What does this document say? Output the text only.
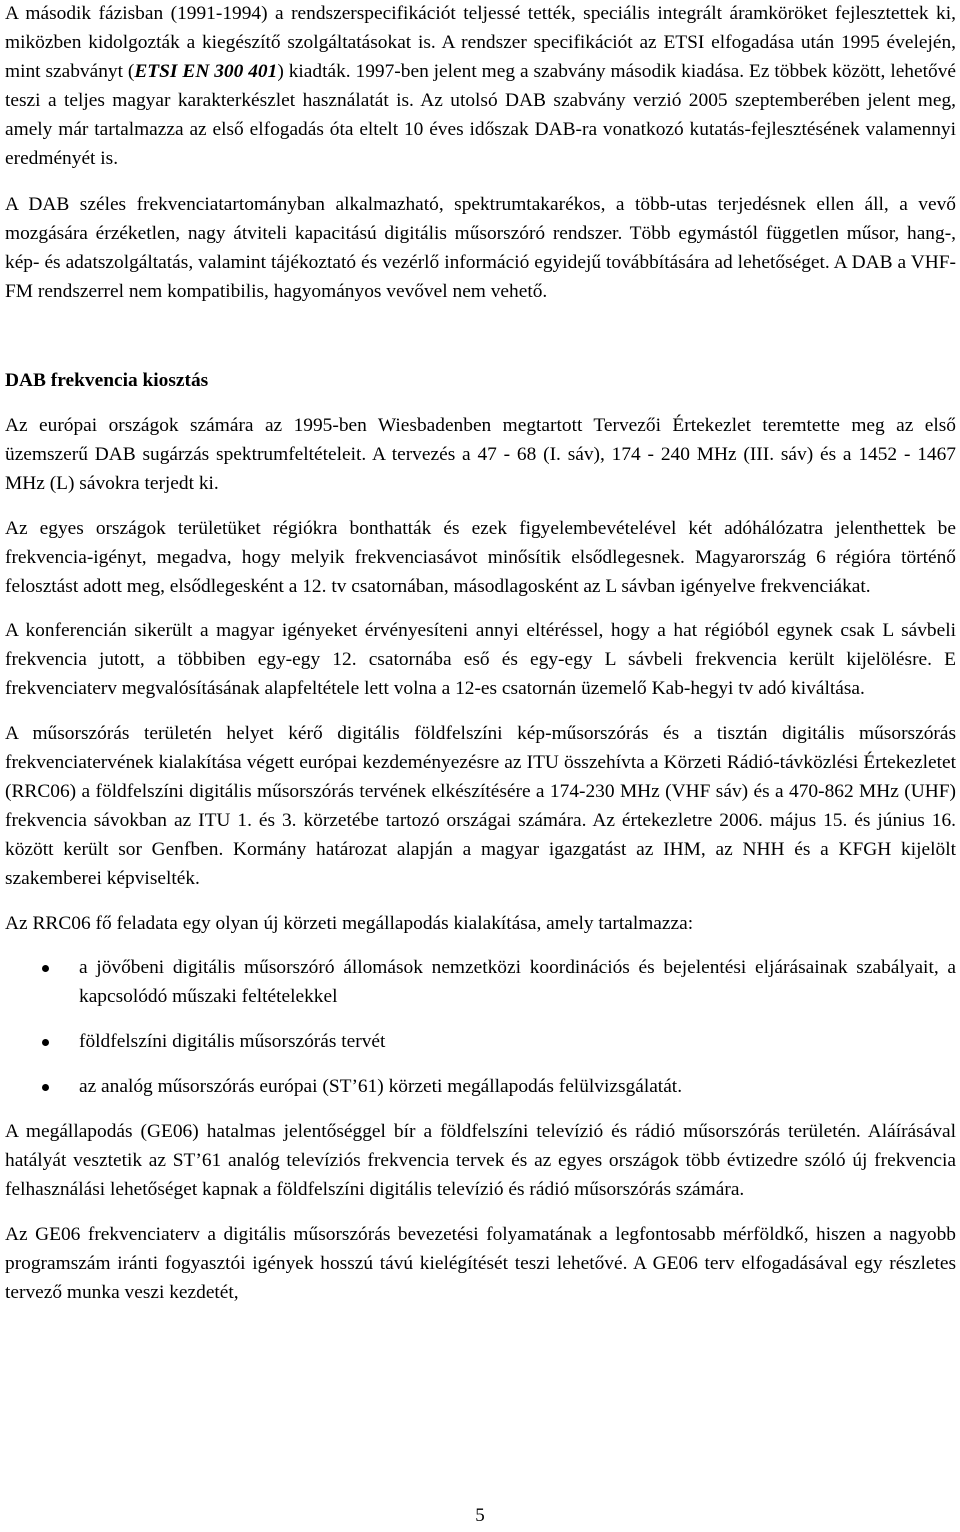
A második fázisban (1991-1994) a rendszerspecifikációt teljessé tették, speciális integrált áramköröket fejlesztettek ki, miközben kidolgozták a kiegészítő szolgáltatásokat is. A rendszer specifikációt az ETSI elfogadása után 1995 évelején, mint szabványt (ETSI EN 300 401) kiadták. 1997-ben jelent meg a szabvány második kiadása. Ez többek között, lehetővé teszi a teljes magyar karakterkészlet használatát is. Az utolsó DAB szabvány verzió 2005 szeptemberében jelent meg, amely már tartalmazza az első elfogadás óta eltelt 10 éves időszak DAB-ra vonatkozó kutatás-fejlesztésének valamennyi eredményét is.

A DAB széles frekvenciatartományban alkalmazható, spektrumtakarékos, a több-utas terjedésnek ellen áll, a vevő mozgására érzéketlen, nagy átviteli kapacitású digitális műsorszóró rendszer. Több egymástól független műsor, hang-, kép- és adatszolgáltatás, valamint tájékoztató és vezérlő információ egyidejű továbbítására ad lehetőséget. A DAB a VHF-FM rendszerrel nem kompatibilis, hagyományos vevővel nem vehető.

DAB frekvencia kiosztás

Az európai országok számára az 1995-ben Wiesbadenben megtartott Tervezői Értekezlet teremtette meg az első üzemszerű DAB sugárzás spektrumfeltételeit. A tervezés a 47 - 68 (I. sáv), 174 - 240 MHz (III. sáv) és a 1452 - 1467 MHz (L) sávokra terjedt ki.

Az egyes országok területüket régiókra bonthatták és ezek figyelembevételével két adóhálózatra jelenthettek be frekvencia-igényt, megadva, hogy melyik frekvenciasávot minősítik elsődlegesnek. Magyarország 6 régióra történő felosztást adott meg, elsődlegesként a 12. tv csatornában, másodlagosként az L sávban igényelve frekvenciákat.

A konferencián sikerült a magyar igényeket érvényesíteni annyi eltéréssel, hogy a hat régióból egynek csak L sávbeli frekvencia jutott, a többiben egy-egy 12. csatornába eső és egy-egy L sávbeli frekvencia került kijelölésre. E frekvenciaterv megvalósításának alapfeltétele lett volna a 12-es csatornán üzemelő Kab-hegyi tv adó kiváltása.

A műsorszórás területén helyet kérő digitális földfelszíni kép-műsorszórás és a tisztán digitális műsorszórás frekvenciatervének kialakítása végett európai kezdeményezésre az ITU összehívta a Körzeti Rádió-távközlési Értekezletet (RRC06) a földfelszíni digitális műsorszórás tervének elkészítésére a 174-230 MHz (VHF sáv) és a 470-862 MHz (UHF) frekvencia sávokban az ITU 1. és 3. körzetébe tartozó országai számára. Az értekezletre 2006. május 15. és június 16. között került sor Genfben. Kormány határozat alapján a magyar igazgatást az IHM, az NHH és a KFGH kijelölt szakemberei képviselték.

Az RRC06 fő feladata egy olyan új körzeti megállapodás kialakítása, amely tartalmazza:

a jövőbeni digitális műsorszóró állomások nemzetközi koordinációs és bejelentési eljárásainak szabályait, a kapcsolódó műszaki feltételekkel

földfelszíni digitális műsorszórás tervét

az analóg műsorszórás európai (ST’61) körzeti megállapodás felülvizsgálatát.

A megállapodás (GE06) hatalmas jelentőséggel bír a földfelszíni televízió és rádió műsorszórás területén. Aláírásával hatályát vesztetik az ST’61 analóg televíziós frekvencia tervek és az egyes országok több évtizedre szóló új frekvencia felhasználási lehetőséget kapnak a földfelszíni digitális televízió és rádió műsorszórás számára.

Az GE06 frekvenciaterv a digitális műsorszórás bevezetési folyamatának a legfontosabb mérföldkő, hiszen a nagyobb programszám iránti fogyasztói igények hosszú távú kielégítését teszi lehetővé. A GE06 terv elfogadásával egy részletes tervező munka veszi kezdetét,

5
